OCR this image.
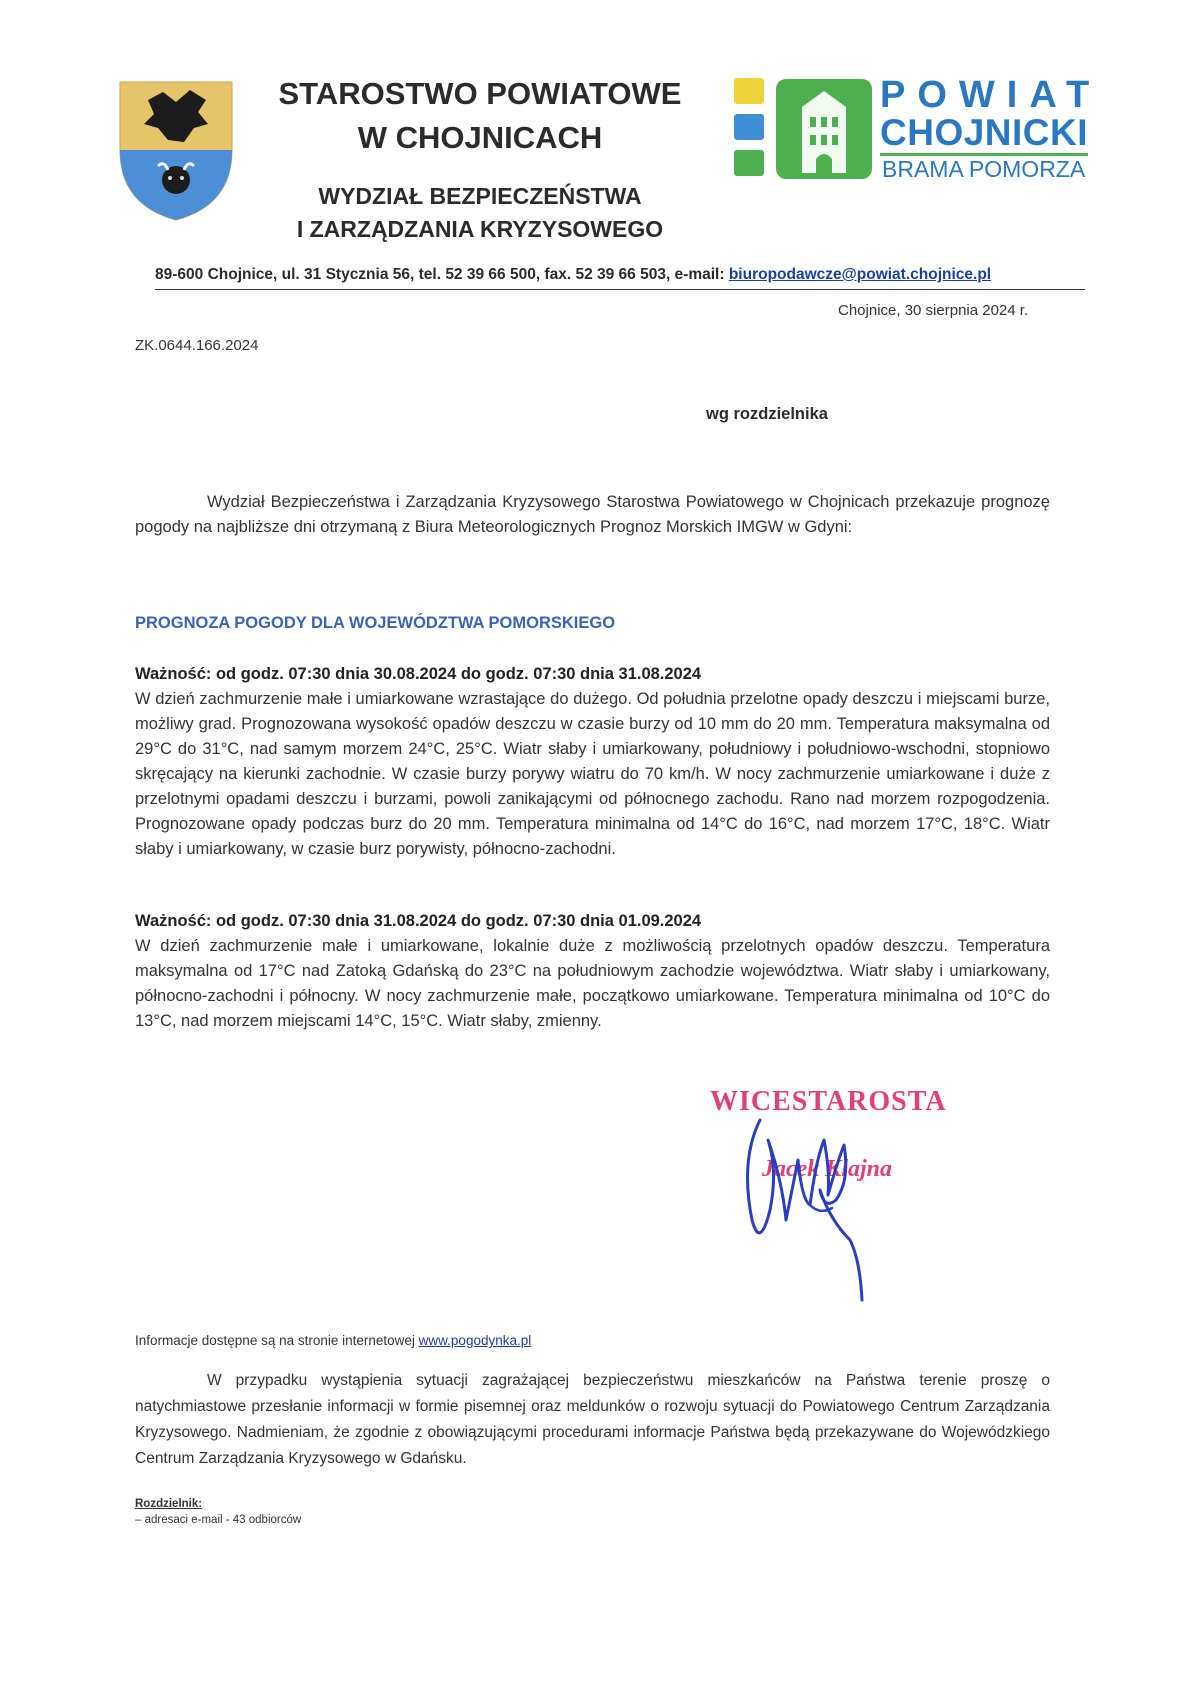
STAROSTWO POWIATOWE
W CHOJNICACH
WYDZIAŁ BEZPIECZEŃSTWA
I ZARZĄDZANIA KRYZYSOWEGO
POWIAT
CHOJNICKI
BRAMA POMORZA
89-600 Chojnice, ul. 31 Stycznia 56, tel. 52 39 66 500, fax. 52 39 66 503, e-mail: biuropodawcze@powiat.chojnice.pl
Chojnice, 30 sierpnia 2024 r.
ZK.0644.166.2024
wg rozdzielnika
Wydział Bezpieczeństwa i Zarządzania Kryzysowego Starostwa Powiatowego w Chojnicach przekazuje prognozę pogody na najbliższe dni otrzymaną z Biura Meteorologicznych Prognoz Morskich IMGW w Gdyni:
PROGNOZA POGODY DLA WOJEWÓDZTWA POMORSKIEGO
Ważność: od godz. 07:30 dnia 30.08.2024 do godz. 07:30 dnia 31.08.2024
W dzień zachmurzenie małe i umiarkowane wzrastające do dużego. Od południa przelotne opady deszczu i miejscami burze, możliwy grad. Prognozowana wysokość opadów deszczu w czasie burzy od 10 mm do 20 mm. Temperatura maksymalna od 29°C do 31°C, nad samym morzem 24°C, 25°C. Wiatr słaby i umiarkowany, południowy i południowo-wschodni, stopniowo skręcający na kierunki zachodnie. W czasie burzy porywy wiatru do 70 km/h. W nocy zachmurzenie umiarkowane i duże z przelotnymi opadami deszczu i burzami, powoli zanikającymi od północnego zachodu. Rano nad morzem rozpogodzenia. Prognozowane opady podczas burz do 20 mm. Temperatura minimalna od 14°C do 16°C, nad morzem 17°C, 18°C. Wiatr słaby i umiarkowany, w czasie burz porywisty, północno-zachodni.
Ważność: od godz. 07:30 dnia 31.08.2024 do godz. 07:30 dnia 01.09.2024
W dzień zachmurzenie małe i umiarkowane, lokalnie duże z możliwością przelotnych opadów deszczu. Temperatura maksymalna od 17°C nad Zatoką Gdańską do 23°C na południowym zachodzie województwa. Wiatr słaby i umiarkowany, północno-zachodni i północny. W nocy zachmurzenie małe, początkowo umiarkowane. Temperatura minimalna od 10°C do 13°C, nad morzem miejscami 14°C, 15°C. Wiatr słaby, zmienny.
WICESTAROSTA
Jacek Klajna
Informacje dostępne są na stronie internetowej www.pogodynka.pl
W przypadku wystąpienia sytuacji zagrażającej bezpieczeństwu mieszkańców na Państwa terenie proszę o natychmiastowe przesłanie informacji w formie pisemnej oraz meldunków o rozwoju sytuacji do Powiatowego Centrum Zarządzania Kryzysowego. Nadmieniam, że zgodnie z obowiązującymi procedurami informacje Państwa będą przekazywane do Wojewódzkiego Centrum Zarządzania Kryzysowego w Gdańsku.
Rozdzielnik:
– adresaci e-mail - 43 odbiorców
